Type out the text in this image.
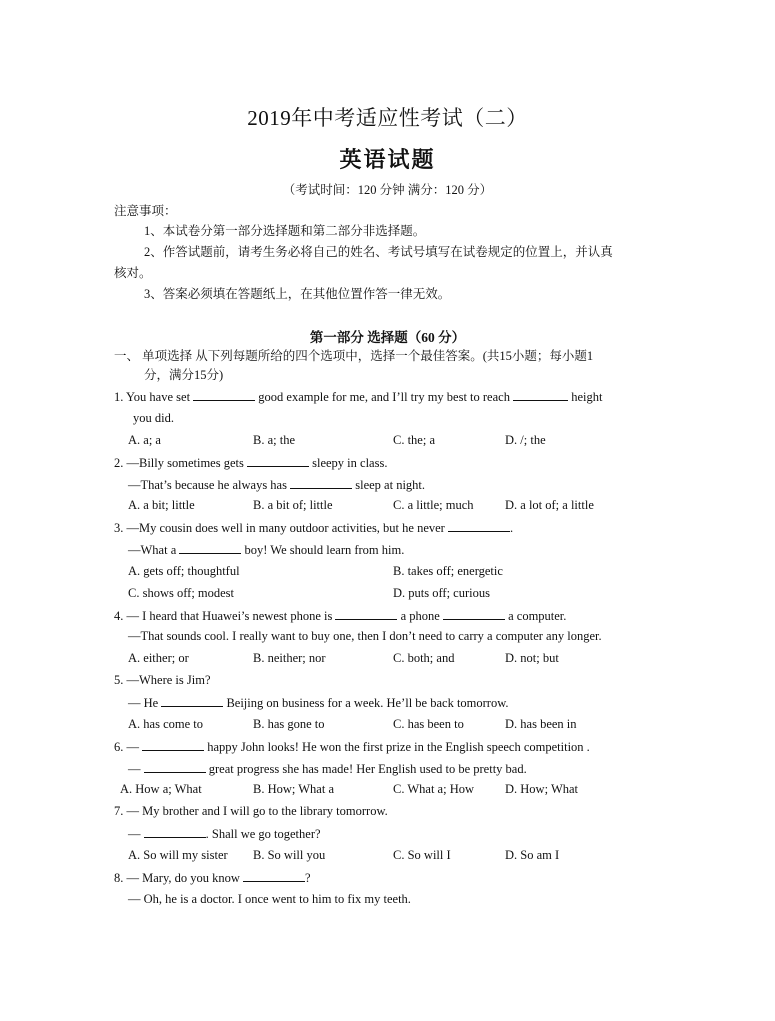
2019年中考适应性考试（二）
英语试题
（考试时间：120 分钟 满分：120 分）
注意事项：
1、本试卷分第一部分选择题和第二部分非选择题。
2、作答试题前，请考生务必将自己的姓名、考试号填写在试卷规定的位置上，并认真
核对。
3、答案必须填在答题纸上，在其他位置作答一律无效。
第一部分 选择题（60 分）
一、 单项选择 从下列每题所给的四个选项中，选择一个最佳答案。(共15小题；每小题1
分，满分15分)
1. You have set	good example for me, and I’ll try my best to reach	height
you did.
A. a; a	B. a; the	C. the; a	D. /; the
2. —Billy sometimes gets	sleepy in class.
—That’s because he always has	sleep at night.
A. a bit; little	B. a bit of; little	C. a little; much	D. a lot of; a little
3. —My cousin does well in many outdoor activities, but he never	.
—What a	boy! We should learn from him.
A. gets off; thoughtful	B. takes off; energetic
C. shows off; modest	D. puts off; curious
4. — I heard that Huawei’s newest phone is	a phone	a computer.
—That sounds cool. I really want to buy one, then I don’t need to carry a computer any longer.
A. either; or	B. neither; nor	C. both; and	D. not; but
5. —Where is Jim?
— He	Beijing on business for a week. He’ll be back tomorrow.
A. has come to	B. has gone to	C. has been to	D. has been in
6. —	happy John looks! He won the first prize in the English speech competition .
—	great progress she has made! Her English used to be pretty bad.
A. How a; What	B. How; What a	C. What a; How D. How; What
7. — My brother and I will go to the library tomorrow.
—	. Shall we go together?
A. So will my sister B. So will you	C. So will I	D. So am I
8. — Mary, do you know	?
— Oh, he is a doctor. I once went to him to fix my teeth.
